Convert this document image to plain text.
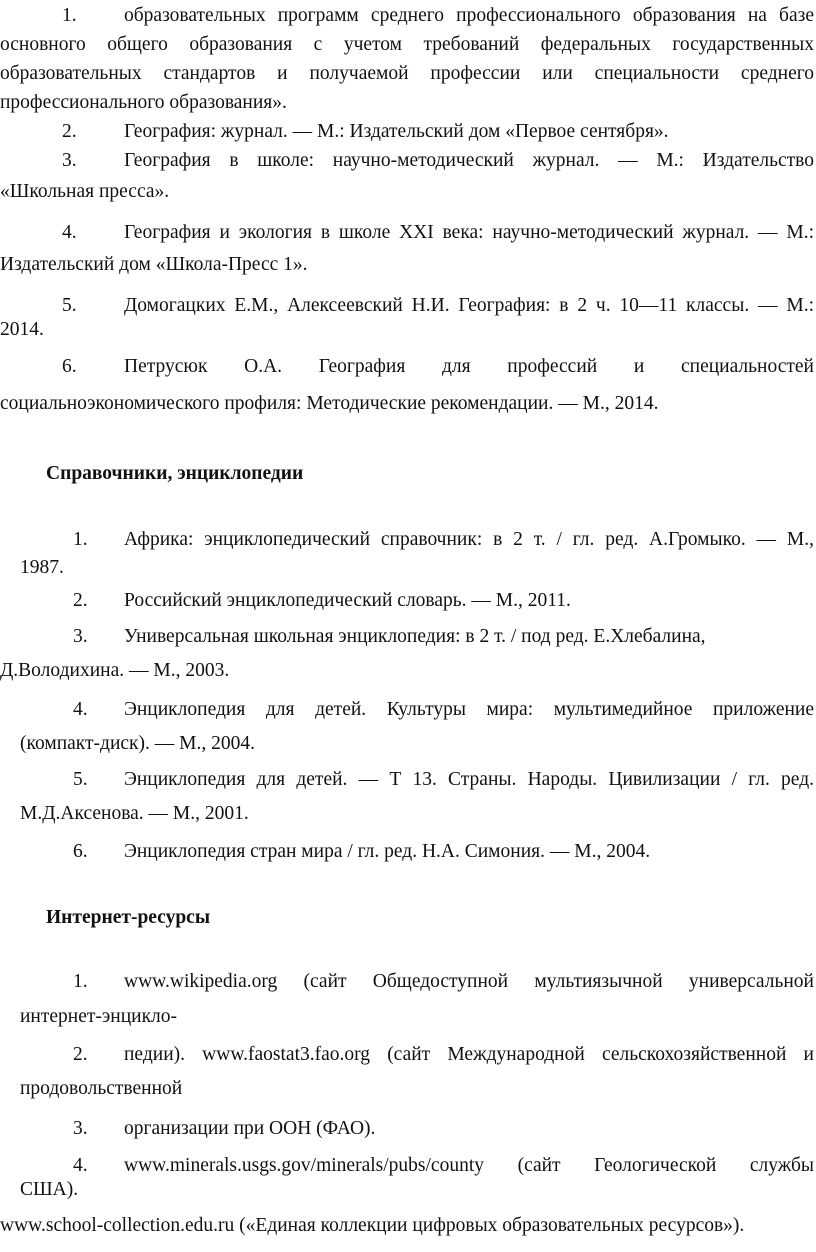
1. образовательных программ среднего профессионального образования на базе
основного общего образования с учетом требований федеральных государственных
образовательных стандартов и получаемой профессии или специальности среднего
профессионального образования».
2. География: журнал. — М.: Издательский дом «Первое сентября».
3. География в школе: научно-методический журнал. — М.: Издательство
«Школьная пресса».
4. География и экология в школе XXI века: научно-методический журнал. — М.:
Издательский дом «Школа-Пресс 1».
5. Домогацких Е.М., Алексеевский Н.И. География: в 2 ч. 10—11 классы. — М.:
2014.
6. Петрусюк О.А. География для профессий и специальностей
социальноэкономического профиля: Методические рекомендации. — М., 2014.
Справочники, энциклопедии
1. Африка: энциклопедический справочник: в 2 т. / гл. ред. А.Громыко. — М.,
1987.
2. Российский энциклопедический словарь. — М., 2011.
3. Универсальная школьная энциклопедия: в 2 т. / под ред. Е.Хлебалина,
Д.Володихина. — М., 2003.
4. Энциклопедия для детей. Культуры мира: мультимедийное приложение
(компакт-диск). — М., 2004.
5. Энциклопедия для детей. — Т 13. Страны. Народы. Цивилизации / гл. ред.
М.Д.Аксенова. — М., 2001.
6. Энциклопедия стран мира / гл. ред. Н.А. Симония. — М., 2004.
Интернет-ресурсы
1. www.wikipedia.org (сайт Общедоступной мультиязычной универсальной
интернет-энцикло-
2. педии). www.faostat3.fao.org (сайт Международной сельскохозяйственной и
продовольственной
3. организации при ООН (ФАО).
4. www.minerals.usgs.gov/minerals/pubs/county (сайт Геологической службы
США).
www.school-collection.edu.ru («Единая коллекции цифровых образовательных ресурсов»).
